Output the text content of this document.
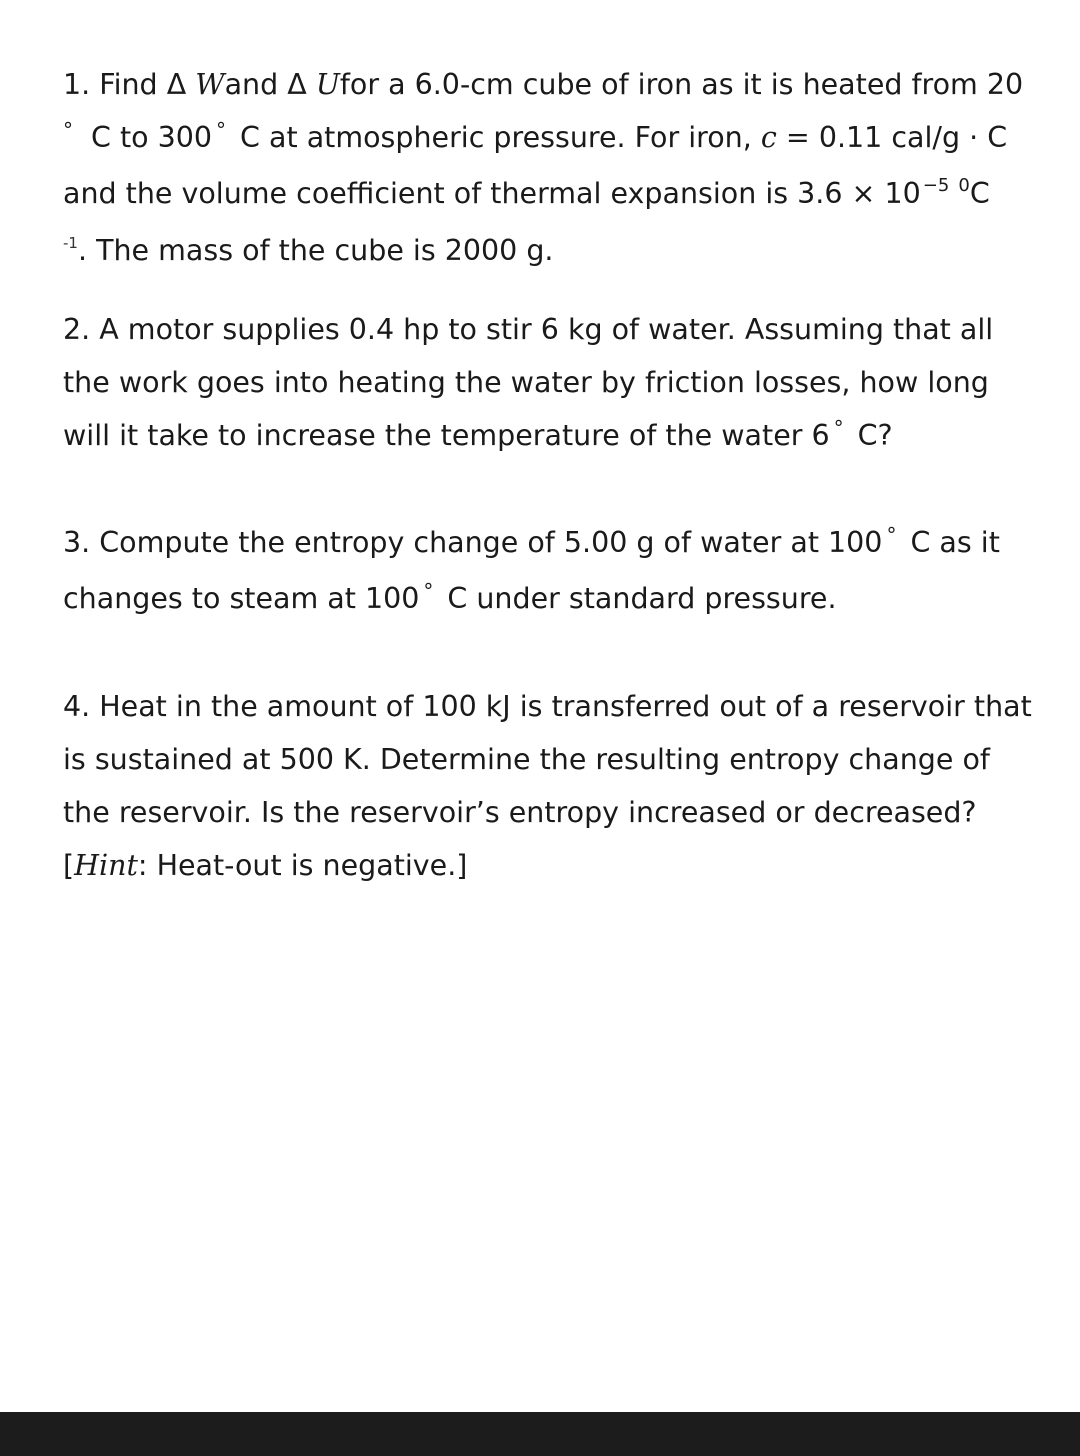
1. Find Δ Wand Δ Ufor a 6.0-cm cube of iron as it is heated from 20
° C to 300 ° C at atmospheric pressure. For iron, c = 0.11 cal/g · C
and the volume coefficient of thermal expansion is 3.6 × 10 $^{-5}$ $^0$C
$^{-1}$. The mass of the cube is 2000 g.
2. A motor supplies 0.4 hp to stir 6 kg of water. Assuming that all
the work goes into heating the water by friction losses, how long
will it take to increase the temperature of the water 6 ° C?
3. Compute the entropy change of 5.00 g of water at 100 ° C as it
changes to steam at 100 ° C under standard pressure.
4. Heat in the amount of 100 kJ is transferred out of a reservoir that
is sustained at 500 K. Determine the resulting entropy change of
the reservoir. Is the reservoir’s entropy increased or decreased?
[Hint: Heat-out is negative.]
